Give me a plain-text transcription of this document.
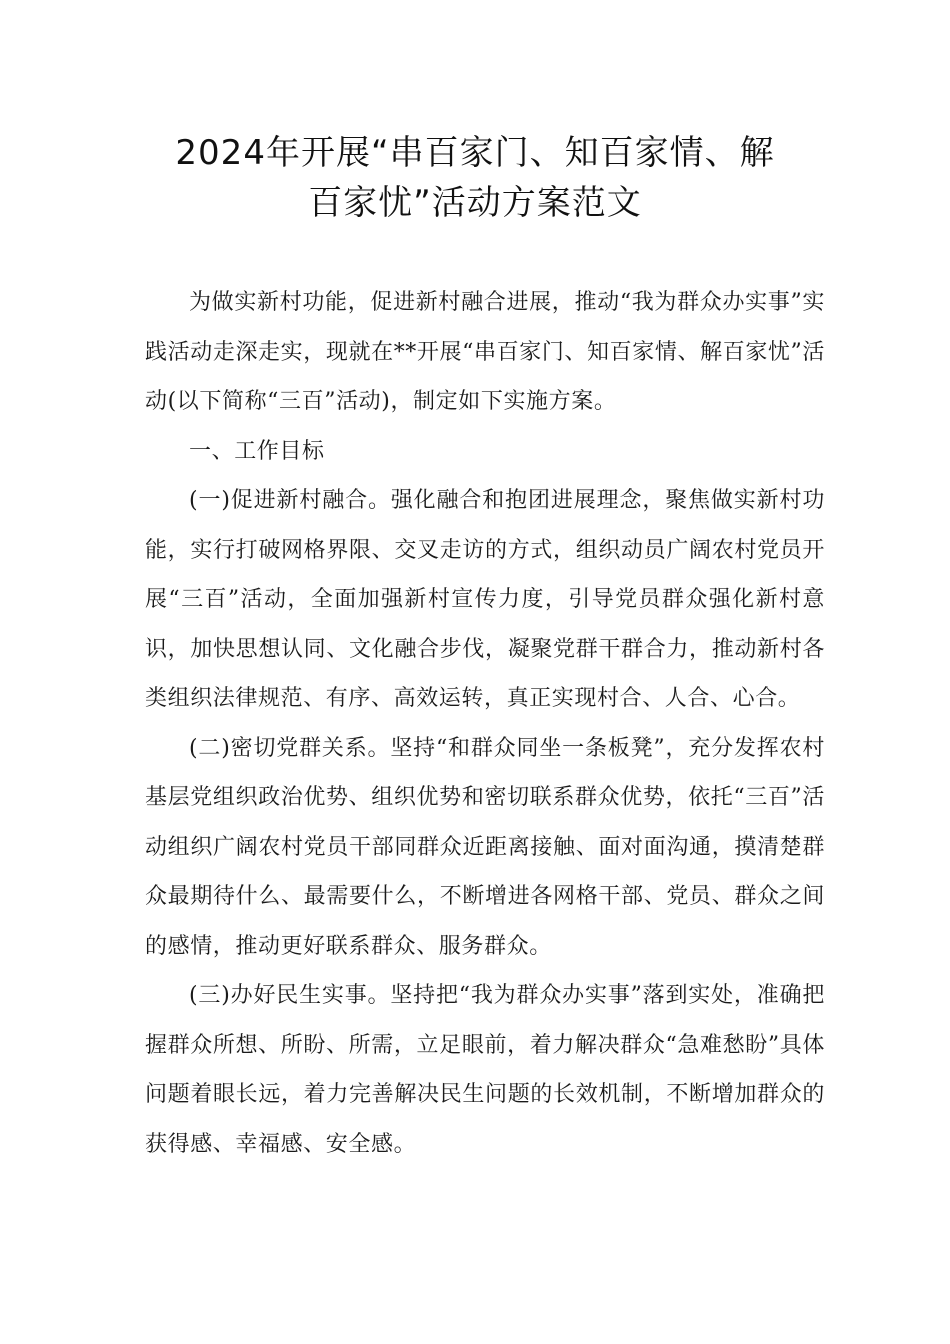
2024年开展“串百家门、知百家情、解
百家忧”活动方案范文

为做实新村功能，促进新村融合进展，推动“我为群众办实事”实践活动走深走实，现就在**开展“串百家门、知百家情、解百家忧”活动(以下简称“三百”活动)，制定如下实施方案。

一、工作目标

(一)促进新村融合。强化融合和抱团进展理念，聚焦做实新村功能，实行打破网格界限、交叉走访的方式，组织动员广阔农村党员开展“三百”活动，全面加强新村宣传力度，引导党员群众强化新村意识，加快思想认同、文化融合步伐，凝聚党群干群合力，推动新村各类组织法律规范、有序、高效运转，真正实现村合、人合、心合。

(二)密切党群关系。坚持“和群众同坐一条板凳”，充分发挥农村基层党组织政治优势、组织优势和密切联系群众优势，依托“三百”活动组织广阔农村党员干部同群众近距离接触、面对面沟通，摸清楚群众最期待什么、最需要什么，不断增进各网格干部、党员、群众之间的感情，推动更好联系群众、服务群众。

(三)办好民生实事。坚持把“我为群众办实事”落到实处，准确把握群众所想、所盼、所需，立足眼前，着力解决群众“急难愁盼”具体问题着眼长远，着力完善解决民生问题的长效机制，不断增加群众的获得感、幸福感、安全感。
